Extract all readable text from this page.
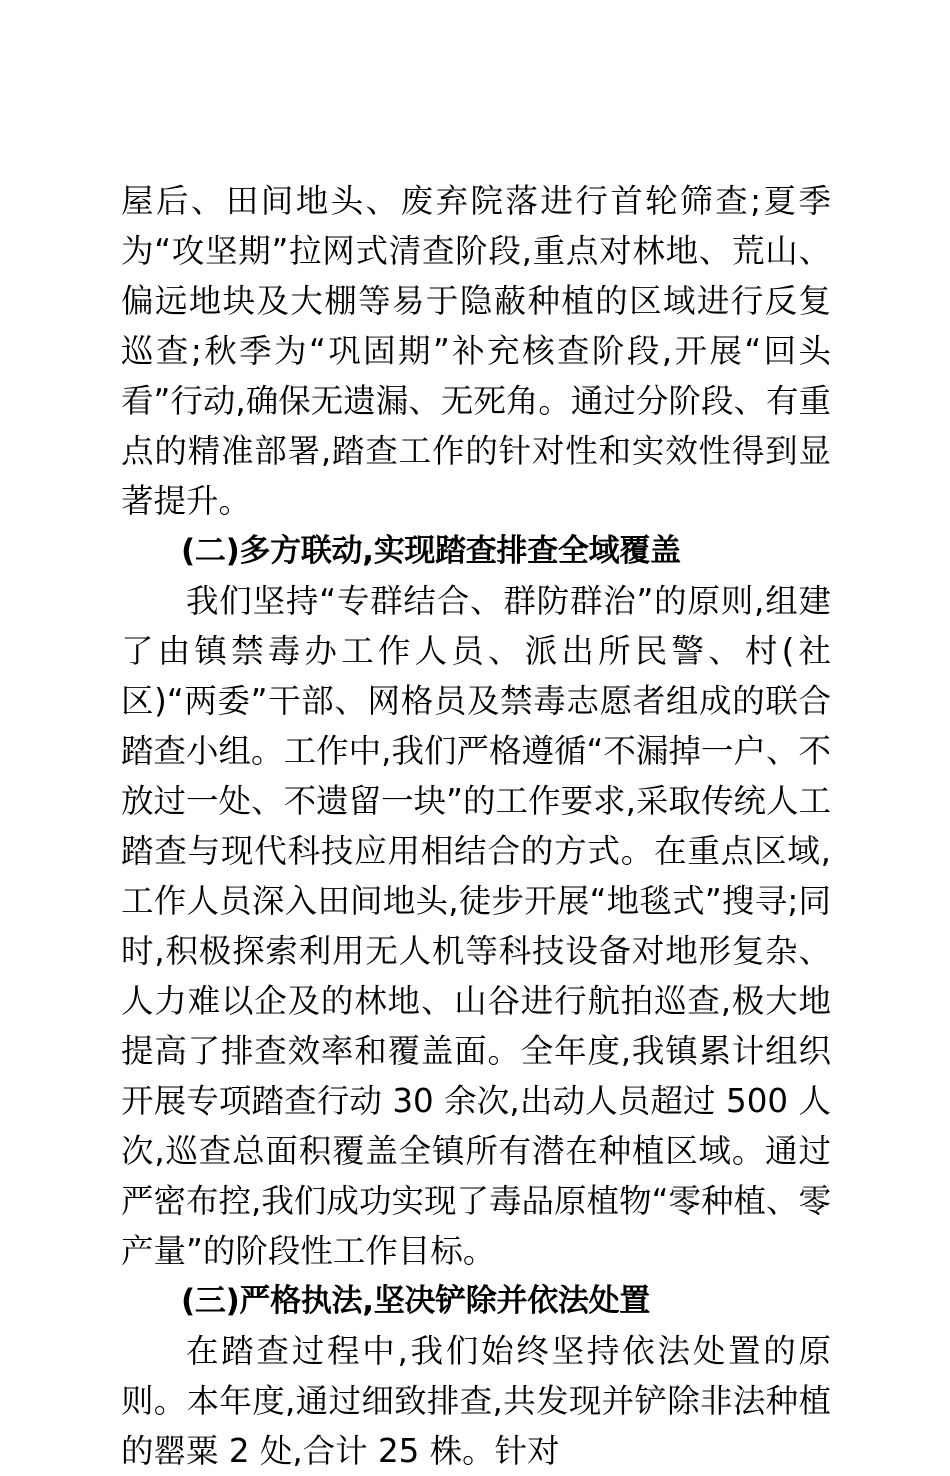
屋后、田间地头、废弃院落进行首轮筛查;夏季为“攻坚期”拉网式清查阶段,重点对林地、荒山、偏远地块及大棚等易于隐蔽种植的区域进行反复巡查;秋季为“巩固期”补充核查阶段,开展“回头看”行动,确保无遗漏、无死角。通过分阶段、有重点的精准部署,踏查工作的针对性和实效性得到显著提升。

(二)多方联动,实现踏查排查全域覆盖

我们坚持“专群结合、群防群治”的原则,组建了由镇禁毒办工作人员、派出所民警、村(社区)“两委”干部、网格员及禁毒志愿者组成的联合踏查小组。工作中,我们严格遵循“不漏掉一户、不放过一处、不遗留一块”的工作要求,采取传统人工踏查与现代科技应用相结合的方式。在重点区域,工作人员深入田间地头,徒步开展“地毯式”搜寻;同时,积极探索利用无人机等科技设备对地形复杂、人力难以企及的林地、山谷进行航拍巡查,极大地提高了排查效率和覆盖面。全年度,我镇累计组织开展专项踏查行动 30 余次,出动人员超过 500 人次,巡查总面积覆盖全镇所有潜在种植区域。通过严密布控,我们成功实现了毒品原植物“零种植、零产量”的阶段性工作目标。

(三)严格执法,坚决铲除并依法处置

在踏查过程中,我们始终坚持依法处置的原则。本年度,通过细致排查,共发现并铲除非法种植的罂粟 2 处,合计 25 株。针对
